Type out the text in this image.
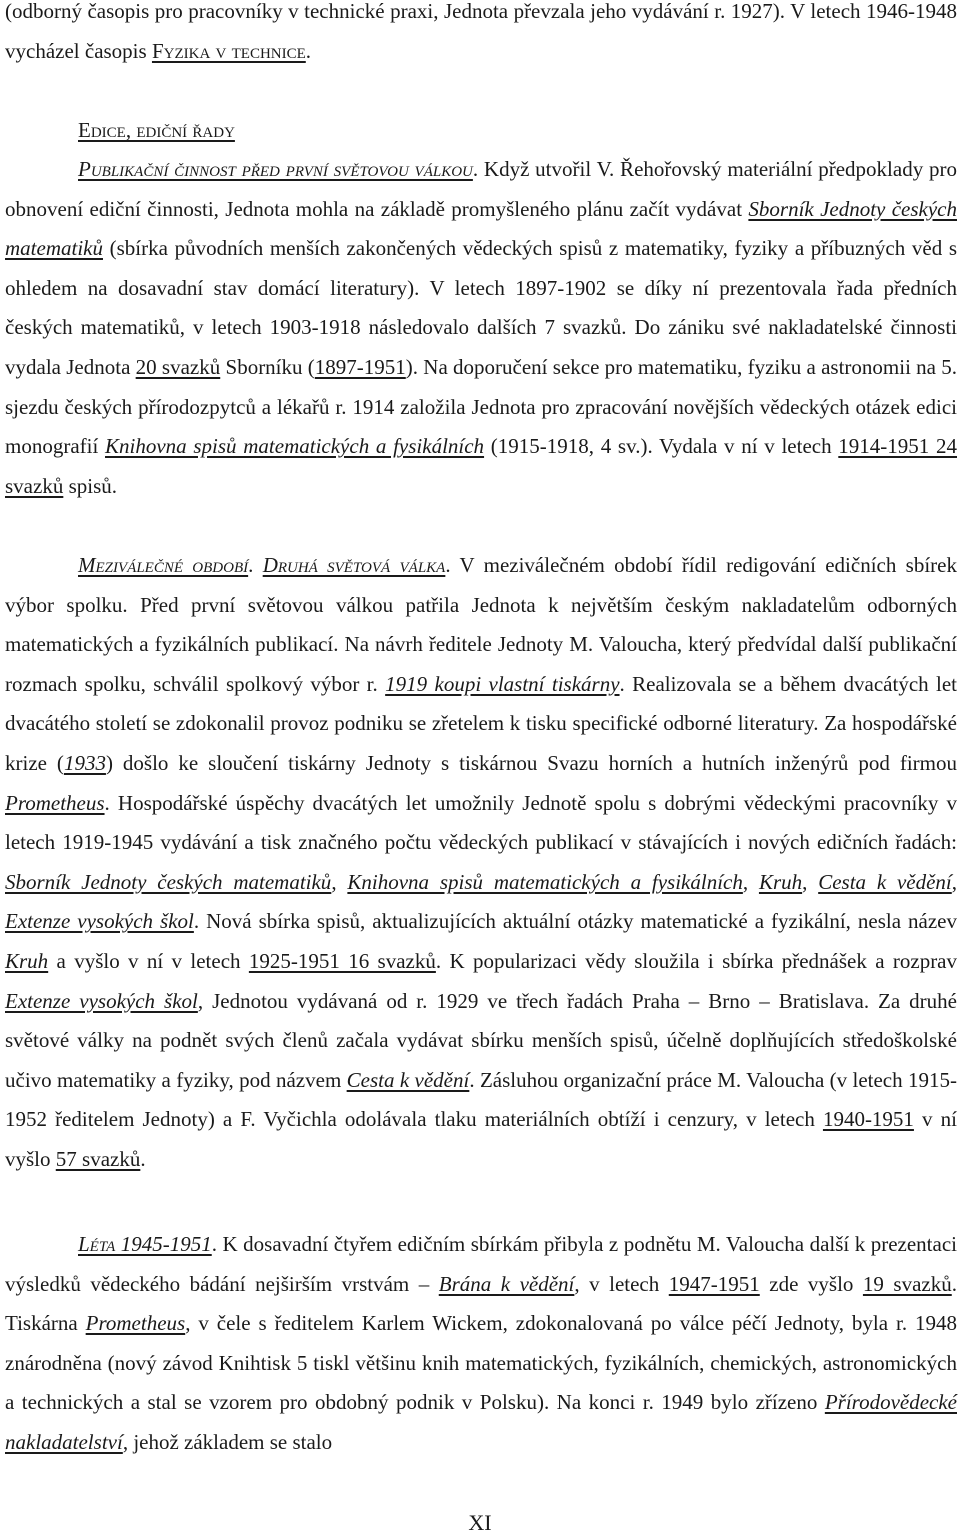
(odborný časopis pro pracovníky v technické praxi, Jednota převzala jeho vydávání r. 1927). V letech 1946-1948 vycházel časopis Fyzika v technice.

Edice, ediční řady

Publikační činnost před první světovou válkou. Když utvořil V. Řehořovský materiální předpoklady pro obnovení ediční činnosti, Jednota mohla na základě promyšleného plánu začít vydávat Sborník Jednoty českých matematiků (sbírka původních menších zakončených vědeckých spisů z matematiky, fyziky a příbuzných věd s ohledem na dosavadní stav domácí literatury). V letech 1897-1902 se díky ní prezentovala řada předních českých matematiků, v letech 1903-1918 následovalo dalších 7 svazků. Do zániku své nakladatelské činnosti vydala Jednota 20 svazků Sborníku (1897-1951). Na doporučení sekce pro matematiku, fyziku a astronomii na 5. sjezdu českých přírodozpytců a lékařů r. 1914 založila Jednota pro zpracování novějších vědeckých otázek edici monografií Knihovna spisů matematických a fysikálních (1915-1918, 4 sv.). Vydala v ní v letech 1914-1951 24 svazků spisů.

Meziválečné období. Druhá světová válka. V meziválečném období řídil redigování edičních sbírek výbor spolku. Před první světovou válkou patřila Jednota k největším českým nakladatelům odborných matematických a fyzikálních publikací. Na návrh ředitele Jednoty M. Valoucha, který předvídal další publikační rozmach spolku, schválil spolkový výbor r. 1919 koupi vlastní tiskárny. Realizovala se a během dvacátých let dvacátého století se zdokonalil provoz podniku se zřetelem k tisku specifické odborné literatury. Za hospodářské krize (1933) došlo ke sloučení tiskárny Jednoty s tiskárnou Svazu horních a hutních inženýrů pod firmou Prometheus. Hospodářské úspěchy dvacátých let umožnily Jednotě spolu s dobrými vědeckými pracovníky v letech 1919-1945 vydávání a tisk značného počtu vědeckých publikací v stávajících i nových edičních řadách: Sborník Jednoty českých matematiků, Knihovna spisů matematických a fysikálních, Kruh, Cesta k vědění, Extenze vysokých škol. Nová sbírka spisů, aktualizujících aktuální otázky matematické a fyzikální, nesla název Kruh a vyšlo v ní v letech 1925-1951 16 svazků. K popularizaci vědy sloužila i sbírka přednášek a rozprav Extenze vysokých škol, Jednotou vydávaná od r. 1929 ve třech řadách Praha – Brno – Bratislava. Za druhé světové války na podnět svých členů začala vydávat sbírku menších spisů, účelně doplňujících středoškolské učivo matematiky a fyziky, pod názvem Cesta k vědění. Zásluhou organizační práce M. Valoucha (v letech 1915-1952 ředitelem Jednoty) a F. Vyčichla odolávala tlaku materiálních obtíží i cenzury, v letech 1940-1951 v ní vyšlo 57 svazků.

Léta 1945-1951. K dosavadní čtyřem edičním sbírkám přibyla z podnětu M. Valoucha další k prezentaci výsledků vědeckého bádání nejširším vrstvám – Brána k vědění, v letech 1947-1951 zde vyšlo 19 svazků. Tiskárna Prometheus, v čele s ředitelem Karlem Wickem, zdokonalovaná po válce péčí Jednoty, byla r. 1948 znárodněna (nový závod Knihtisk 5 tiskl většinu knih matematických, fyzikálních, chemických, astronomických a technických a stal se vzorem pro obdobný podnik v Polsku). Na konci r. 1949 bylo zřízeno Přírodovědecké nakladatelství, jehož základem se stalo

XI
